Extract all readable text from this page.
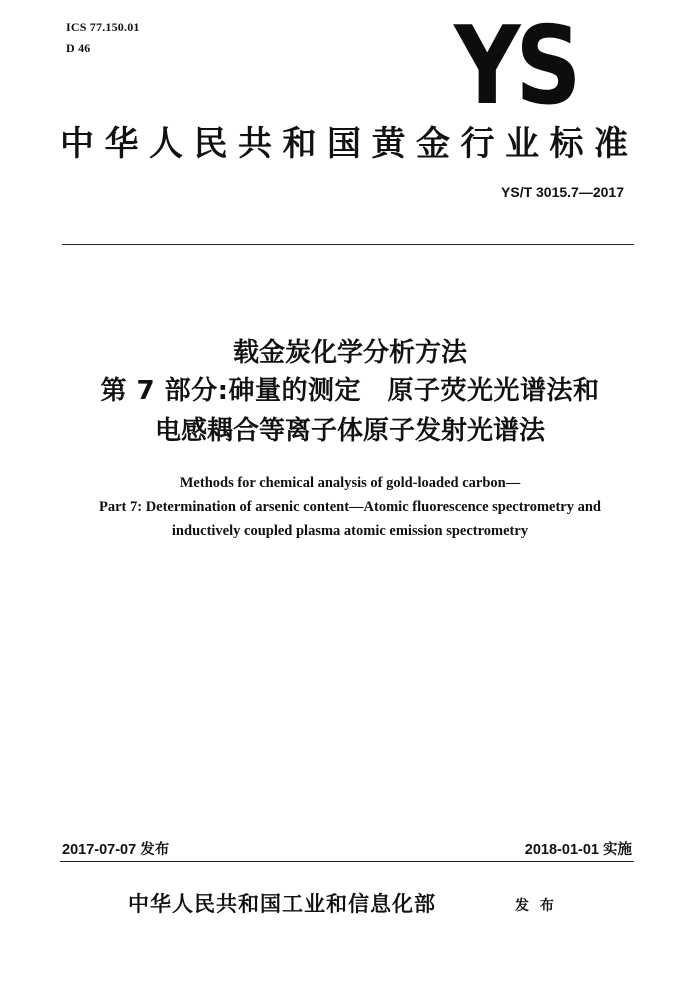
ICS 77.150.01
D 46	YS
中华人民共和国黄金行业标准
YS/T 3015.7—2017
载金炭化学分析方法
第 7 部分:砷量的测定　原子荧光光谱法和
电感耦合等离子体原子发射光谱法
Methods for chemical analysis of gold-loaded carbon—
Part 7: Determination of arsenic content—Atomic fluorescence spectrometry and
inductively coupled plasma atomic emission spectrometry
2017-07-07 发布	2018-01-01 实施
中华人民共和国工业和信息化部	发 布
